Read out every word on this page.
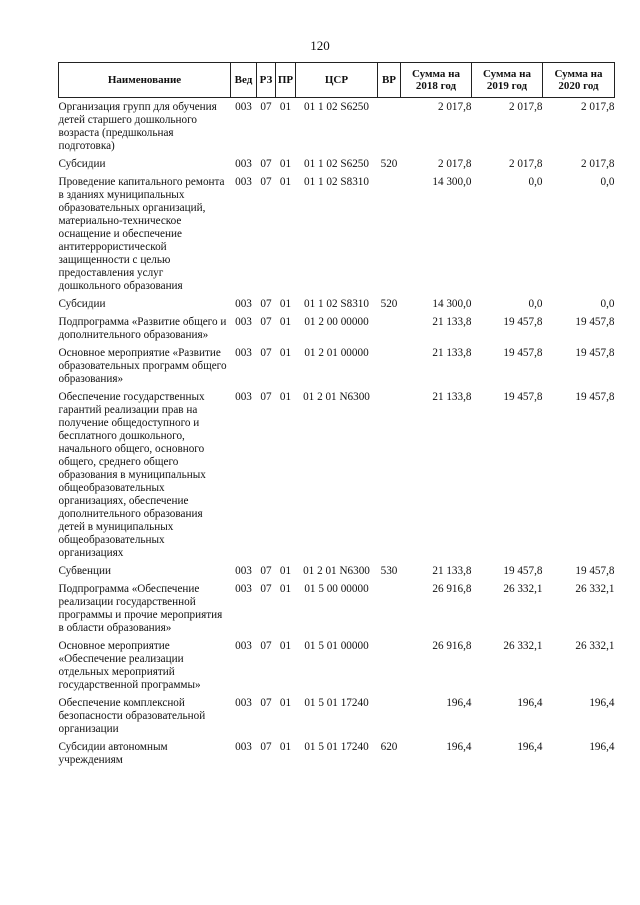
120
Наименование	Вед	РЗ	ПР	ЦСР	ВР	Сумма на 2018 год	Сумма на 2019 год	Сумма на 2020 год
Организация групп для обучения детей старшего дошкольного возраста (предшкольная подготовка)	003	07	01	01 1 02 S6250		2 017,8	2 017,8	2 017,8
Субсидии	003	07	01	01 1 02 S6250	520	2 017,8	2 017,8	2 017,8
Проведение капитального ремонта в зданиях муниципальных образовательных организаций, материально-техническое оснащение и обеспечение антитеррористической защищенности с целью предоставления услуг дошкольного образования	003	07	01	01 1 02 S8310		14 300,0	0,0	0,0
Субсидии	003	07	01	01 1 02 S8310	520	14 300,0	0,0	0,0
Подпрограмма «Развитие общего и дополнительного образования»	003	07	01	01 2 00 00000		21 133,8	19 457,8	19 457,8
Основное мероприятие «Развитие образовательных программ общего образования»	003	07	01	01 2 01 00000		21 133,8	19 457,8	19 457,8
Обеспечение государственных гарантий реализации прав на получение общедоступного и бесплатного дошкольного, начального общего, основного общего, среднего общего образования в муниципальных общеобразовательных организациях, обеспечение дополнительного образования детей в муниципальных общеобразовательных организациях	003	07	01	01 2 01 N6300		21 133,8	19 457,8	19 457,8
Субвенции	003	07	01	01 2 01 N6300	530	21 133,8	19 457,8	19 457,8
Подпрограмма «Обеспечение реализации государственной программы и прочие мероприятия в области образования»	003	07	01	01 5 00 00000		26 916,8	26 332,1	26 332,1
Основное мероприятие «Обеспечение реализации отдельных мероприятий государственной программы»	003	07	01	01 5 01 00000		26 916,8	26 332,1	26 332,1
Обеспечение комплексной безопасности образовательной организации	003	07	01	01 5 01 17240		196,4	196,4	196,4
Субсидии автономным учреждениям	003	07	01	01 5 01 17240	620	196,4	196,4	196,4
